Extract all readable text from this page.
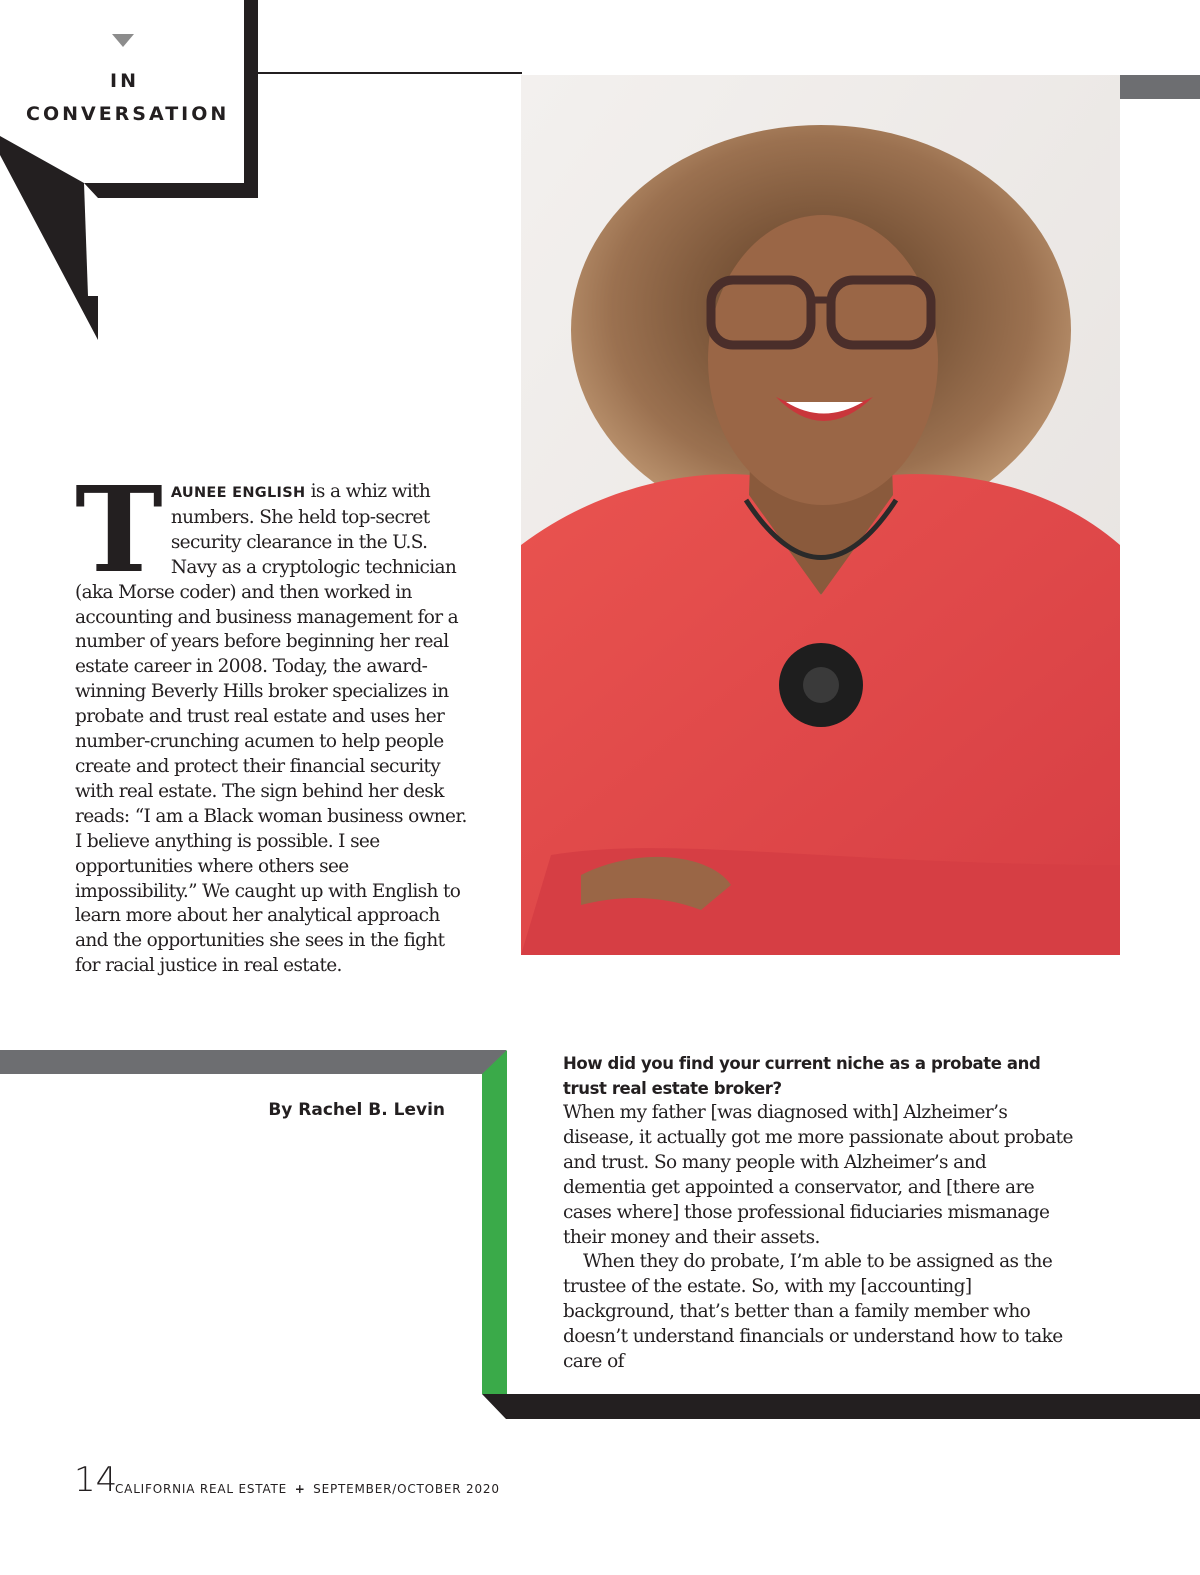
IN
CONVERSATION
T AUNEE ENGLISH is a whiz with numbers. She held top-secret security clearance in the U.S. Navy as a cryptologic technician (aka Morse coder) and then worked in accounting and business management for a number of years before beginning her real estate career in 2008. Today, the award-winning Beverly Hills broker specializes in probate and trust real estate and uses her number-crunching acumen to help people create and protect their financial security with real estate. The sign behind her desk reads: “I am a Black woman business owner. I believe anything is possible. I see opportunities where others see impossibility.” We caught up with English to learn more about her analytical approach and the opportunities she sees in the fight for racial justice in real estate.

By Rachel B. Levin

How did you find your current niche as a probate and trust real estate broker?

When my father [was diagnosed with] Alzheimer’s disease, it actually got me more passionate about probate and trust. So many people with Alzheimer’s and dementia get appointed a conservator, and [there are cases where] those professional fiduciaries mismanage their money and their assets.

When they do probate, I’m able to be assigned as the trustee of the estate. So, with my [accounting] background, that’s better than a family member who doesn’t understand financials or understand how to take care of

14
CALIFORNIA REAL ESTATE + SEPTEMBER/OCTOBER 2020
